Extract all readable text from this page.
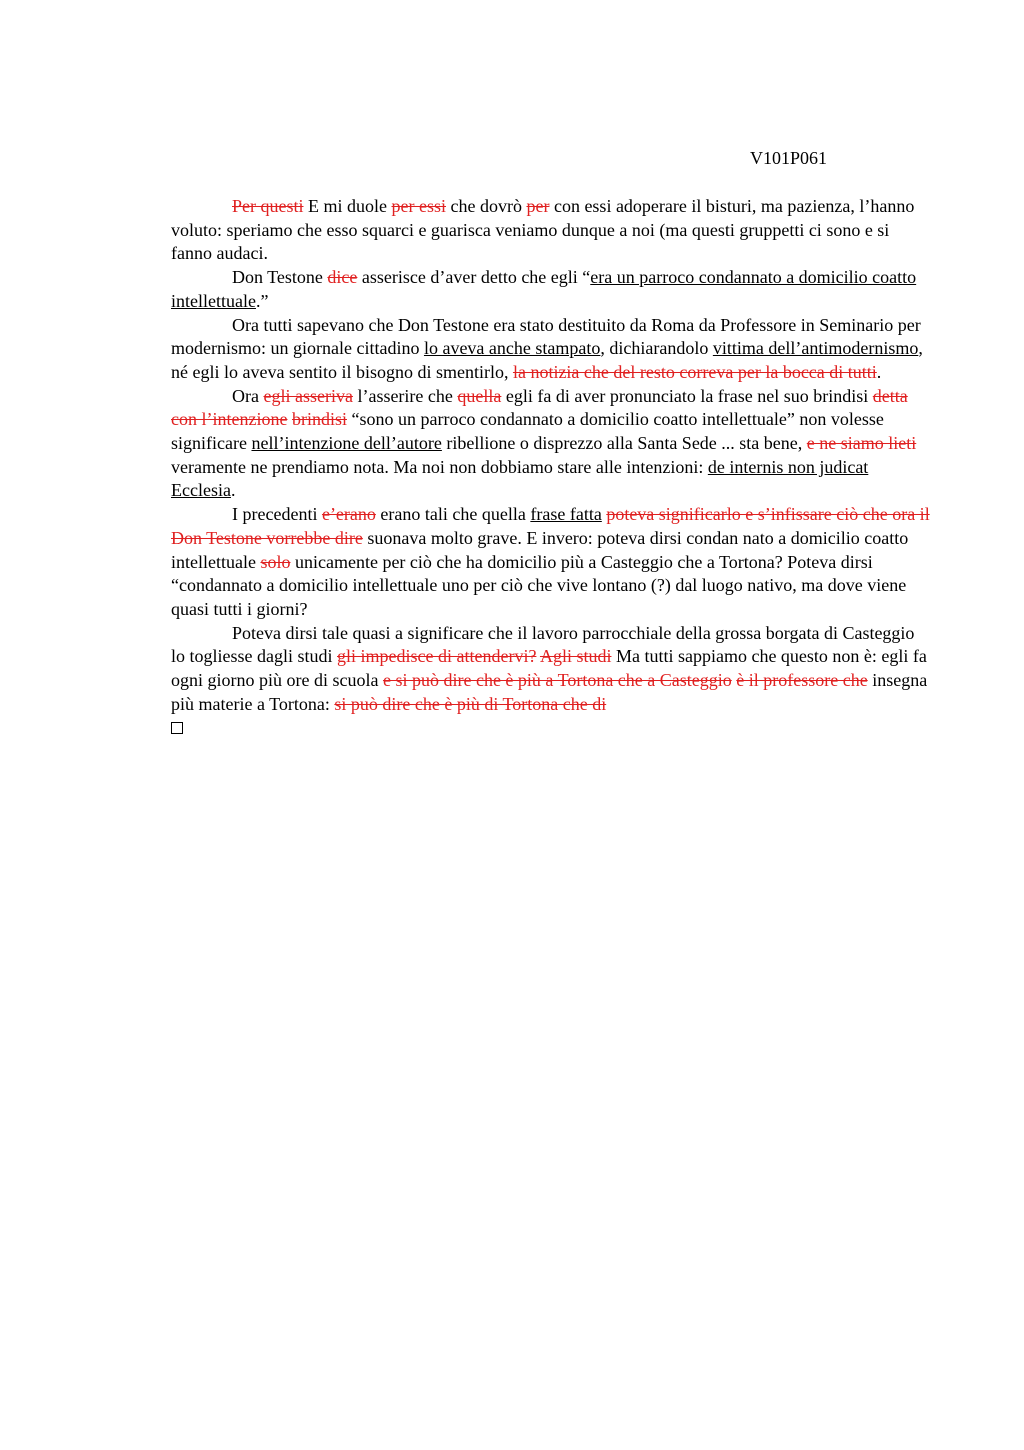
V101P061

Per questi E mi duole per essi che dovrò per con essi adoperare il bisturi, ma pazienza, l’hanno voluto: speriamo che esso squarci e guarisca veniamo dunque a noi (ma questi gruppetti ci sono e si fanno audaci.

Don Testone dice asserisce d’aver detto che egli “era un parroco condannato a domicilio coatto intellettuale.”

Ora tutti sapevano che Don Testone era stato destituito da Roma da Professore in Seminario per modernismo: un giornale cittadino lo aveva anche stampato, dichiarandolo vittima dell’antimodernismo, né egli lo aveva sentito il bisogno di smentirlo, la notizia che del resto correva per la bocca di tutti.

Ora egli asseriva l’asserire che quella egli fa di aver pronunciato la frase nel suo brindisi detta con l’intenzione brindisi “sono un parroco condannato a domicilio coatto intellettuale” non volesse significare nell’intenzione dell’autore ribellione o disprezzo alla Santa Sede ... sta bene, e ne siamo lieti veramente ne prendiamo nota. Ma noi non dobbiamo stare alle intenzioni: de internis non judicat Ecclesia.

I precedenti e’erano erano tali che quella frase fatta poteva significarlo e s’infissare ciò che ora il Don Testone vorrebbe dire suonava molto grave. E invero: poteva dirsi condan nato a domicilio coatto intellettuale solo unicamente per ciò che ha domicilio più a Casteggio che a Tortona? Poteva dirsi “condannato a domicilio intellettuale uno per ciò che vive lontano (?) dal luogo nativo, ma dove viene quasi tutti i giorni?

Poteva dirsi tale quasi a significare che il lavoro parrocchiale della grossa borgata di Casteggio lo togliesse dagli studi gli impedisce di attendervi? Agli studi Ma tutti sappiamo che questo non è: egli fa ogni giorno più ore di scuola e si può dire che è più a Tortona che a Casteggio è il professore che insegna più materie a Tortona: si può dire che è più di Tortona che di
